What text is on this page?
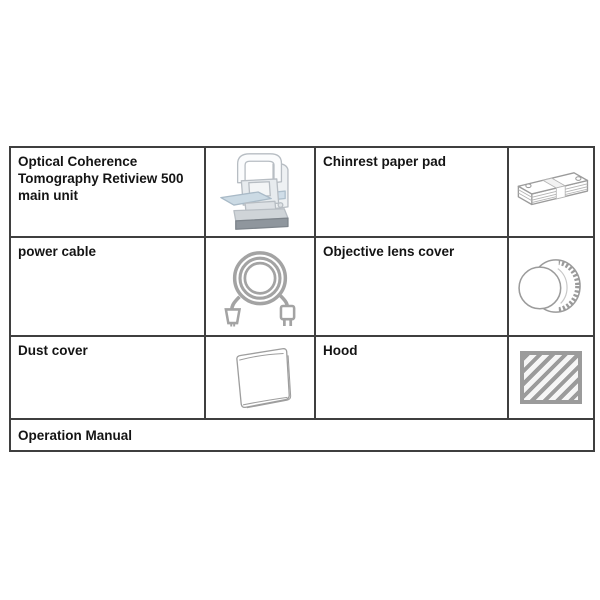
Optical Coherence Tomography Retiview 500 main unit
Chinrest paper pad
power cable	Objective lens cover
Dust cover	Hood
Operation Manual
